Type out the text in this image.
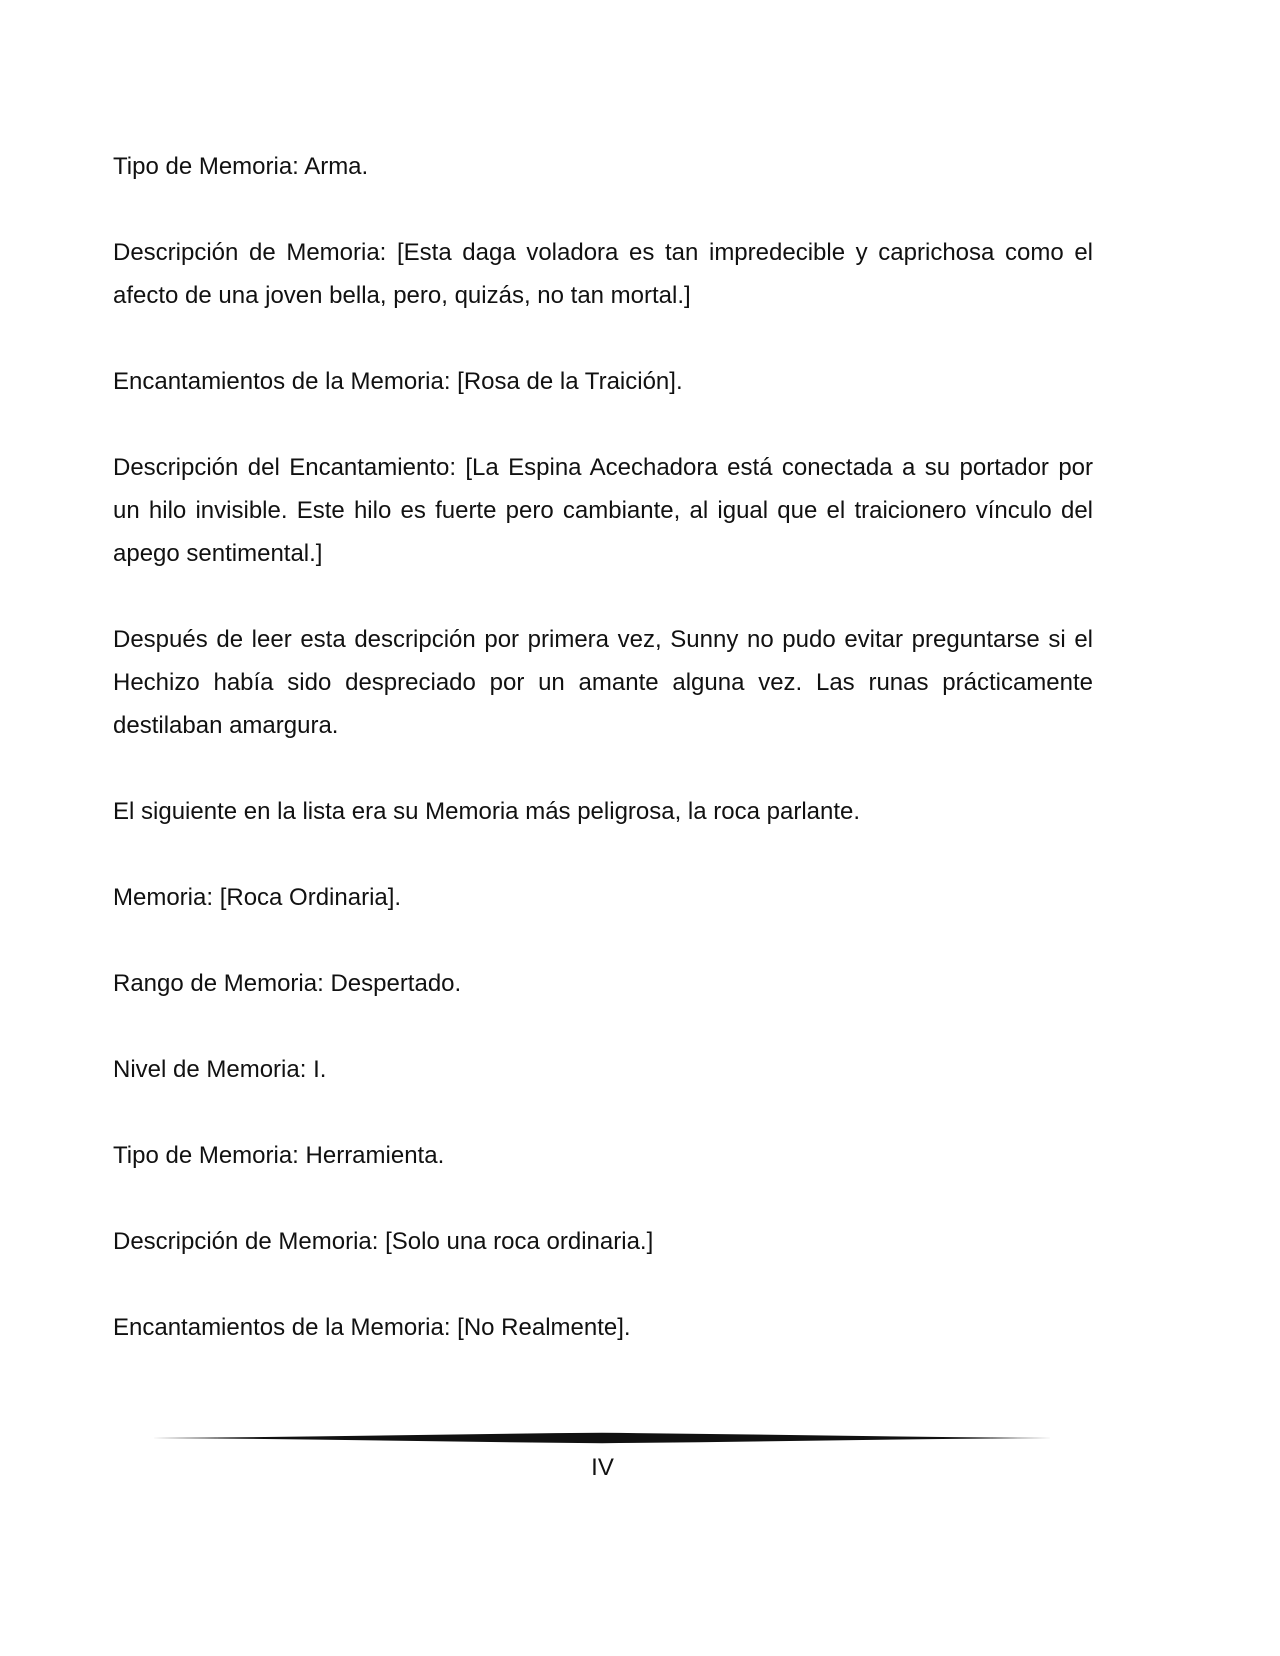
Tipo de Memoria: Arma.

Descripción de Memoria: [Esta daga voladora es tan impredecible y caprichosa como el afecto de una joven bella, pero, quizás, no tan mortal.]

Encantamientos de la Memoria: [Rosa de la Traición].

Descripción del Encantamiento: [La Espina Acechadora está conectada a su portador por un hilo invisible. Este hilo es fuerte pero cambiante, al igual que el traicionero vínculo del apego sentimental.]

Después de leer esta descripción por primera vez, Sunny no pudo evitar preguntarse si el Hechizo había sido despreciado por un amante alguna vez. Las runas prácticamente destilaban amargura.

El siguiente en la lista era su Memoria más peligrosa, la roca parlante.

Memoria: [Roca Ordinaria].

Rango de Memoria: Despertado.

Nivel de Memoria: I.

Tipo de Memoria: Herramienta.

Descripción de Memoria: [Solo una roca ordinaria.]

Encantamientos de la Memoria: [No Realmente].

IV
